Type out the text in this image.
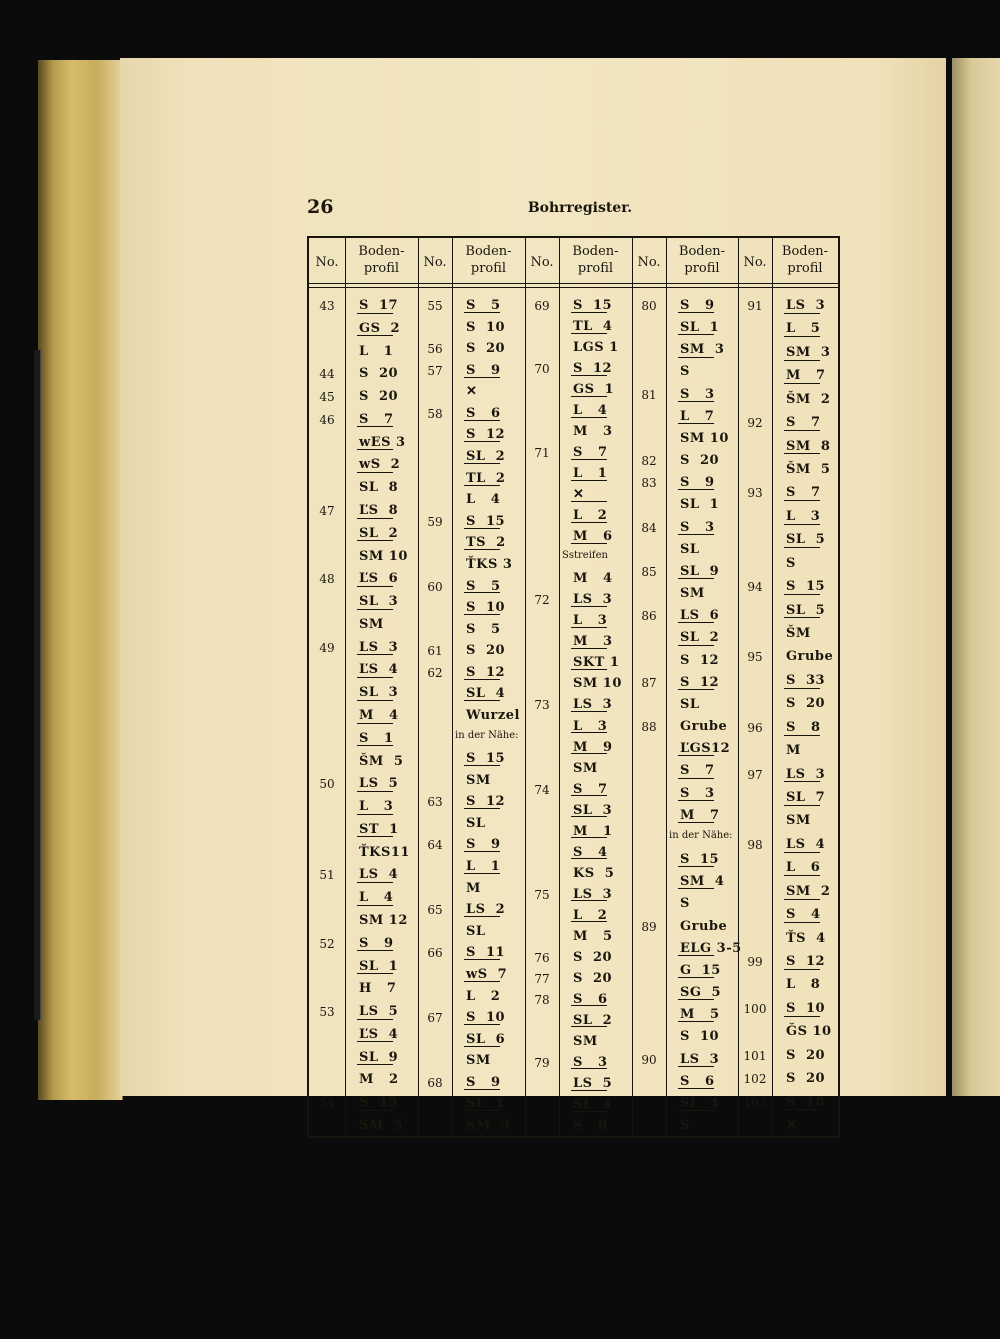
26	Bohrregister.
No.
Boden-
profil
43	S  17
GS  2
L   1
44	S  20
45	S  20
46	S   7
wES 3
wS  2
SL  8
47	ĽS  8
SL  2
SM 10
48	ĽS  6
SL  3
SM
49	LS  3
ĽS  4
SL  3
M   4
S   1
ŠM  5
50	LS  5
L   3
ST  1
ŤKS11
51	LS  4
L   4
SM 12
52	S   9
SL  1
H   7
53	LS  5
ĽS  4
SL  9
M   2
54	S  15
SM  5
No.
Boden-
profil
55	S   5
S  10
56	S  20
57	S   9
✕
58	S   6
S  12
SL  2
TL  2
L   4
59	S  15
TS  2
ŤKS 3
60	S   5
S  10
S   5
61	S  20
62	S  12
SL  4
Wurzel
in der Nähe:
S  15
SM
63	S  12
SL
64	S   9
L   1
M
65	LS  2
SL
66	S  11
wS  7
L   2
67	S  10
SL  6
SM
68	S   9
SL  1
SM  3
No.
Boden-
profil
69	S  15
TL  4
LGS 1
70	S  12
GS  1
L   4
M   3
71	S   7
L   1
✕
L   2
M   6
Sstreifen
M   4
72	LS  3
L   3
M   3
SKT 1
SM 10
73	LS  3
L   3
M   9
SM
74	S   7
SL  3
M   1
S   4
KS  5
75	LS  3
L   2
M   5
76	S  20
77	S  20
78	S   6
SL  2
SM
79	S   3
LS  5
SL  4
S   8
No.
Boden-
profil
80	S   9
SL  1
SM  3
S
81	S   3
L   7
SM 10
82	S  20
83	S   9
SL  1
84	S   3
SL
85	SL  9
SM
86	LS  6
SL  2
S  12
87	S  12
SL
88	Grube
ĽGS12
S   7
S   3
M   7
in der Nähe:
S  15
SM  4
S
89	Grube
ELG 3-5
G  15
SG  5
M   5
S  10
90	LS  3
S   6
SL  4
S
No.
Boden-
profil
91	LS  3
L   5
SM  3
M   7
ŠM  2
92	S   7
SM  8
ŠM  5
93	S   7
L   3
SL  5
S
94	S  15
SL  5
ŠM
95	Grube
S  33
S  20
96	S   8
M
97	LS  3
SL  7
SM
98	LS  4
L   6
SM  2
S   4
ŤS  4
99	S  12
L   8
100	S  10
ǦS 10
101	S  20
102	S  20
103	S  18
✕
